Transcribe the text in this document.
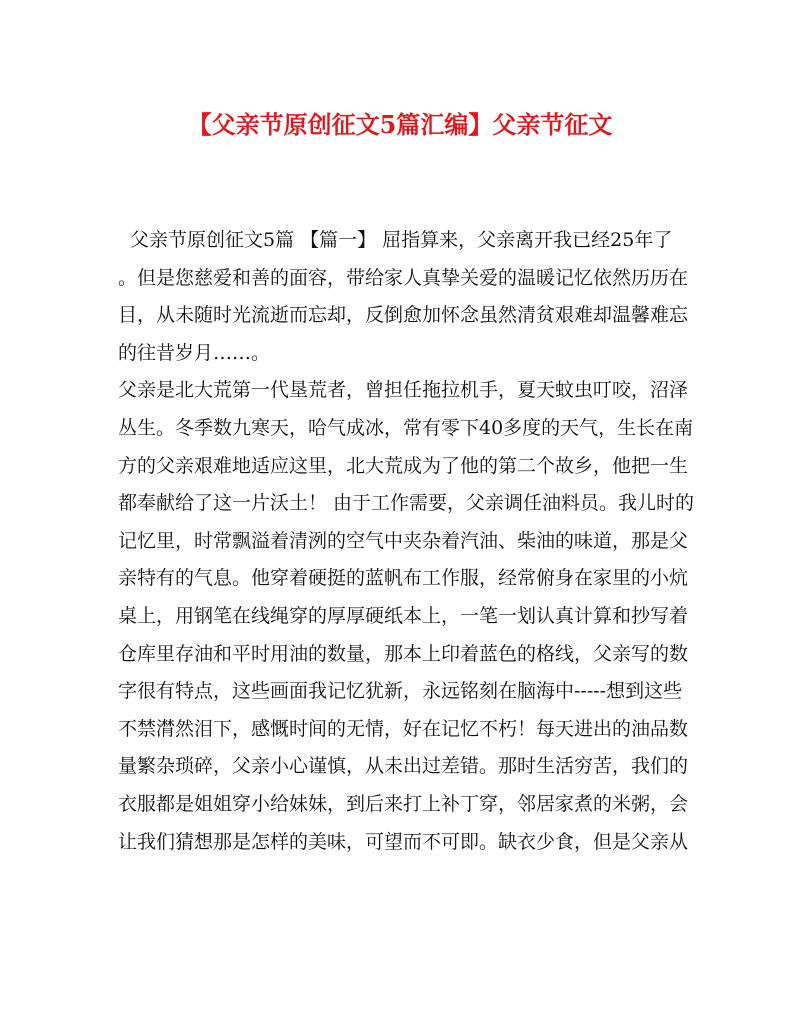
【父亲节原创征文5篇汇编】父亲节征文
父亲节原创征文5篇 【篇一】 屈指算来，父亲离开我已经25年了
。但是您慈爱和善的面容，带给家人真挚关爱的温暖记忆依然历历在
目，从未随时光流逝而忘却，反倒愈加怀念虽然清贫艰难却温馨难忘
的往昔岁月……。
父亲是北大荒第一代垦荒者，曾担任拖拉机手，夏天蚊虫叮咬，沼泽
丛生。冬季数九寒天，哈气成冰，常有零下40多度的天气，生长在南
方的父亲艰难地适应这里，北大荒成为了他的第二个故乡，他把一生
都奉献给了这一片沃土！ 由于工作需要，父亲调任油料员。我儿时的
记忆里，时常飘溢着清洌的空气中夹杂着汽油、柴油的味道，那是父
亲特有的气息。他穿着硬挺的蓝帆布工作服，经常俯身在家里的小炕
桌上，用钢笔在线绳穿的厚厚硬纸本上，一笔一划认真计算和抄写着
仓库里存油和平时用油的数量，那本上印着蓝色的格线，父亲写的数
字很有特点，这些画面我记忆犹新，永远铭刻在脑海中-----想到这些
不禁潸然泪下，感慨时间的无情，好在记忆不朽！每天进出的油品数
量繁杂琐碎，父亲小心谨慎，从未出过差错。那时生活穷苦，我们的
衣服都是姐姐穿小给妹妹，到后来打上补丁穿，邻居家煮的米粥，会
让我们猜想那是怎样的美味，可望而不可即。缺衣少食，但是父亲从
